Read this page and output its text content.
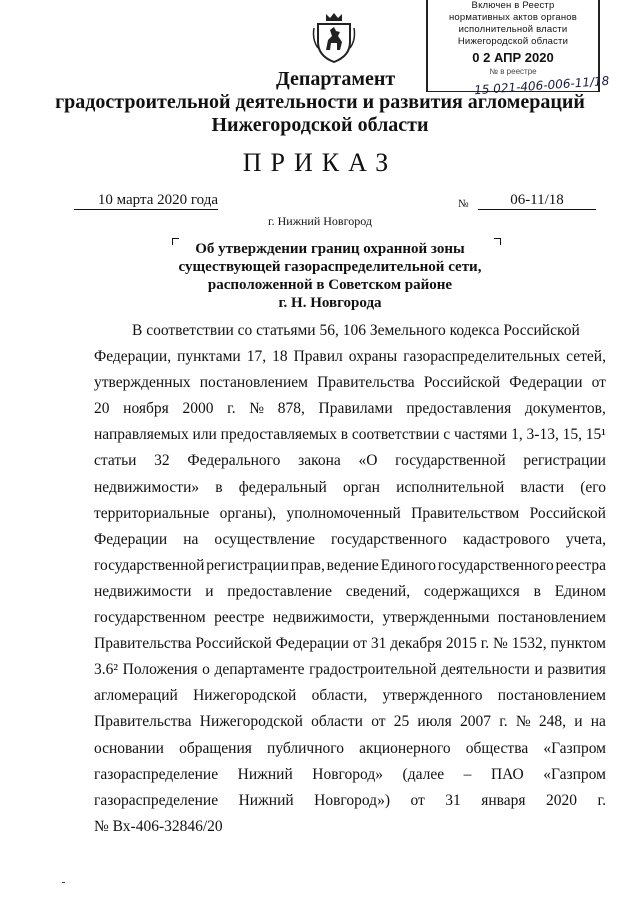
Включен в Реестр
нормативных актов органов
исполнительной власти
Нижегородской области
0 2 АПР 2020
№ в реестре
15 021-406-006-11/18
Департамент
градостроительной деятельности и развития агломераций
Нижегородской области
ПРИКАЗ
10 марта 2020 года	№	06-11/18
г. Нижний Новгород
Об утверждении границ охранной зоны
существующей газораспределительной сети,
расположенной в Советском районе
г. Н. Новгорода
В соответствии со статьями 56, 106 Земельного кодекса Российской
Федерации, пунктами 17, 18 Правил охраны газораспределительных сетей,
утвержденных постановлением Правительства Российской Федерации от
20 ноября 2000 г. № 878, Правилами предоставления документов,
направляемых или предоставляемых в соответствии с частями 1, 3-13, 15, 15¹
статьи 32 Федерального закона «О государственной регистрации
недвижимости» в федеральный орган исполнительной власти (его
территориальные органы), уполномоченный Правительством Российской
Федерации на осуществление государственного кадастрового учета,
государственной регистрации прав, ведение Единого государственного реестра
недвижимости и предоставление сведений, содержащихся в Едином
государственном реестре недвижимости, утвержденными постановлением
Правительства Российской Федерации от 31 декабря 2015 г. № 1532, пунктом
3.6² Положения о департаменте градостроительной деятельности и развития
агломераций Нижегородской области, утвержденного постановлением
Правительства Нижегородской области от 25 июля 2007 г. № 248, и на
основании обращения публичного акционерного общества «Газпром
газораспределение Нижний Новгород» (далее – ПАО «Газпром
газораспределение Нижний Новгород») от 31 января 2020 г.
№ Вх-406-32846/20
